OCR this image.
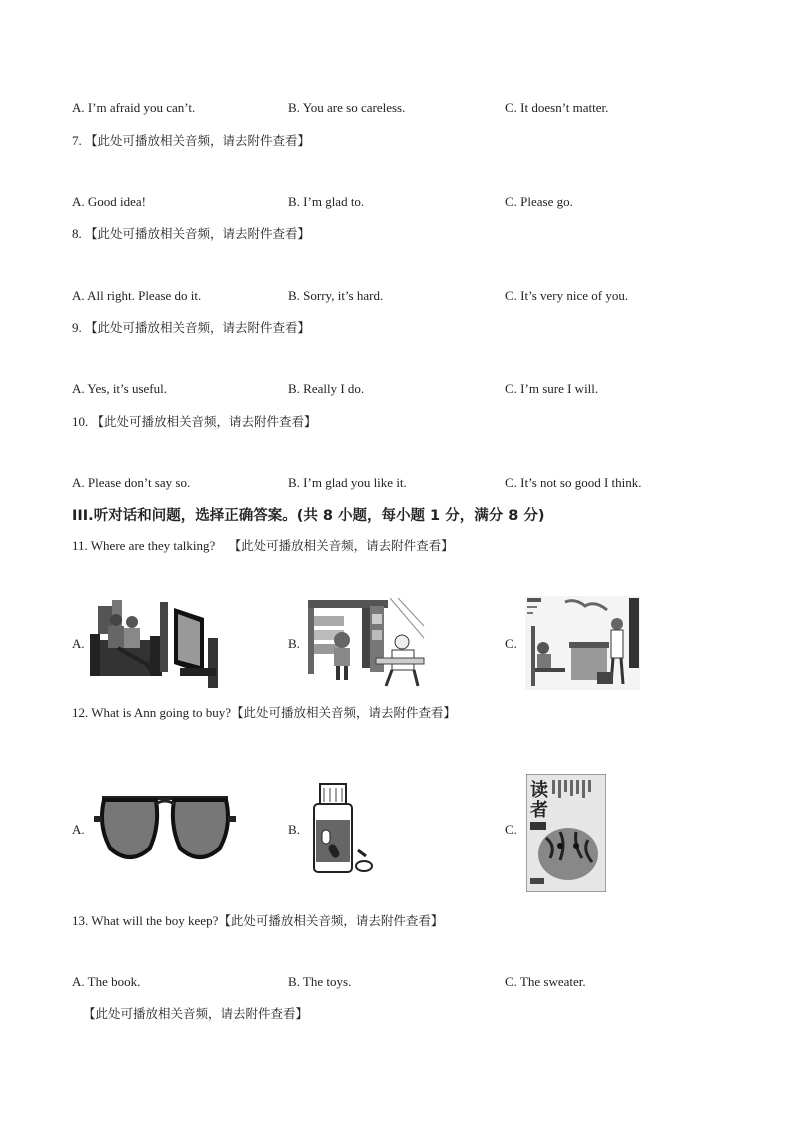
A. I’m afraid you can’t.	B. You are so careless.	C. It doesn’t matter.
7. 【此处可播放相关音频，请去附件查看】
A. Good idea!	B. I’m glad to.	C. Please go.
8. 【此处可播放相关音频，请去附件查看】
A. All right. Please do it.	B. Sorry, it’s hard.	C. It’s very nice of you.
9. 【此处可播放相关音频，请去附件查看】
A. Yes, it’s useful.	B. Really I do.	C. I’m sure I will.
10. 【此处可播放相关音频，请去附件查看】
A. Please don’t say so.	B. I’m glad you like it.	C. It’s not so good I think.
III.听对话和问题，选择正确答案。(共 8 小题，每小题 1 分，满分 8 分)
11. Where are they talking? 【此处可播放相关音频，请去附件查看】
A.	B.	C.
12. What is Ann going to buy?【此处可播放相关音频，请去附件查看】
A.	B.	C.
读
者
13. What will the boy keep?【此处可播放相关音频，请去附件查看】
A. The book.	B. The toys.	C. The sweater.
【此处可播放相关音频，请去附件查看】
